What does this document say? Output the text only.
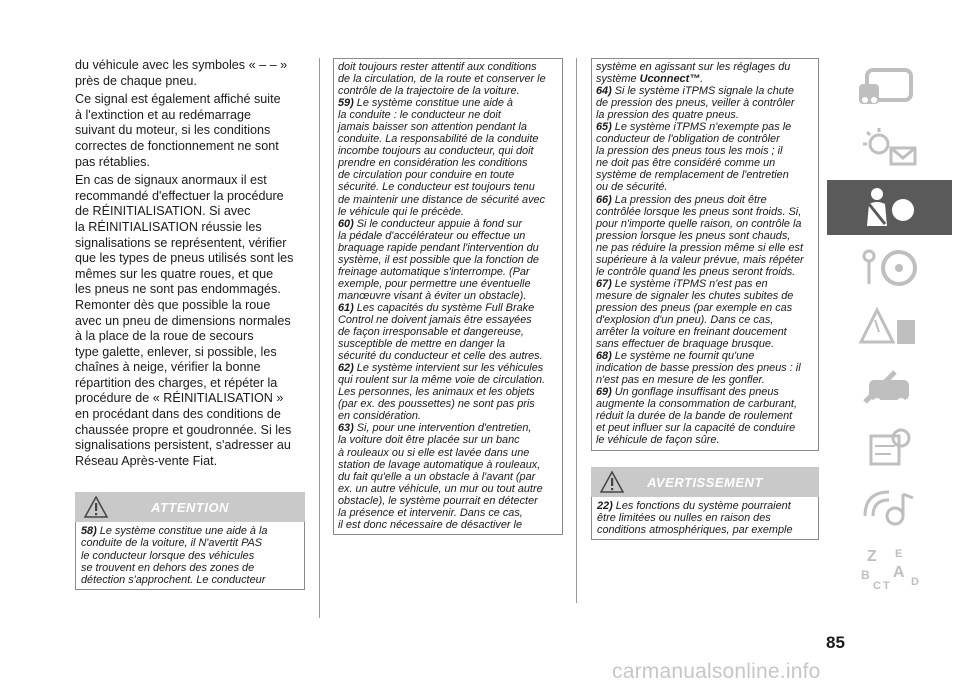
du véhicule avec les symboles « – – »
près de chaque pneu.
Ce signal est également affiché suite
à l'extinction et au redémarrage
suivant du moteur, si les conditions
correctes de fonctionnement ne sont
pas rétablies.
En cas de signaux anormaux il est
recommandé d'effectuer la procédure
de RÉINITIALISATION. Si avec
la RÉINITIALISATION réussie les
signalisations se représentent, vérifier
que les types de pneus utilisés sont les
mêmes sur les quatre roues, et que
les pneus ne sont pas endommagés.
Remonter dès que possible la roue
avec un pneu de dimensions normales
à la place de la roue de secours
type galette, enlever, si possible, les
chaînes à neige, vérifier la bonne
répartition des charges, et répéter la
procédure de « RÉINITIALISATION »
en procédant dans des conditions de
chaussée propre et goudronnée. Si les
signalisations persistent, s'adresser au
Réseau Après-vente Fiat.
ATTENTION
58) Le système constitue une aide à la
conduite de la voiture, il N'avertit PAS
le conducteur lorsque des véhicules
se trouvent en dehors des zones de
détection s'approchent. Le conducteur
doit toujours rester attentif aux conditions
de la circulation, de la route et conserver le
contrôle de la trajectoire de la voiture.
59) Le système constitue une aide à
la conduite : le conducteur ne doit
jamais baisser son attention pendant la
conduite. La responsabilité de la conduite
incombe toujours au conducteur, qui doit
prendre en considération les conditions
de circulation pour conduire en toute
sécurité. Le conducteur est toujours tenu
de maintenir une distance de sécurité avec
le véhicule qui le précède.
60) Si le conducteur appuie à fond sur
la pédale d'accélérateur ou effectue un
braquage rapide pendant l'intervention du
système, il est possible que la fonction de
freinage automatique s'interrompe. (Par
exemple, pour permettre une éventuelle
manœuvre visant à éviter un obstacle).
61) Les capacités du système Full Brake
Control ne doivent jamais être essayées
de façon irresponsable et dangereuse,
susceptible de mettre en danger la
sécurité du conducteur et celle des autres.
62) Le système intervient sur les véhicules
qui roulent sur la même voie de circulation.
Les personnes, les animaux et les objets
(par ex. des poussettes) ne sont pas pris
en considération.
63) Si, pour une intervention d'entretien,
la voiture doit être placée sur un banc
à rouleaux ou si elle est lavée dans une
station de lavage automatique à rouleaux,
du fait qu'elle a un obstacle à l'avant (par
ex. un autre véhicule, un mur ou tout autre
obstacle), le système pourrait en détecter
la présence et intervenir. Dans ce cas,
il est donc nécessaire de désactiver le
système en agissant sur les réglages du
système Uconnect™.
64) Si le système iTPMS signale la chute
de pression des pneus, veiller à contrôler
la pression des quatre pneus.
65) Le système iTPMS n'exempte pas le
conducteur de l'obligation de contrôler
la pression des pneus tous les mois ; il
ne doit pas être considéré comme un
système de remplacement de l'entretien
ou de sécurité.
66) La pression des pneus doit être
contrôlée lorsque les pneus sont froids. Si,
pour n'importe quelle raison, on contrôle la
pression lorsque les pneus sont chauds,
ne pas réduire la pression même si elle est
supérieure à la valeur prévue, mais répéter
le contrôle quand les pneus seront froids.
67) Le système iTPMS n'est pas en
mesure de signaler les chutes subites de
pression des pneus (par exemple en cas
d'explosion d'un pneu). Dans ce cas,
arrêter la voiture en freinant doucement
sans effectuer de braquage brusque.
68) Le système ne fournit qu'une
indication de basse pression des pneus : il
n'est pas en mesure de les gonfler.
69) Un gonflage insuffisant des pneus
augmente la consommation de carburant,
réduit la durée de la bande de roulement
et peut influer sur la capacité de conduire
le véhicule de façon sûre.
AVERTISSEMENT
22) Les fonctions du système pourraient
être limitées ou nulles en raison des
conditions atmosphériques, par exemple
Z E
B A
C T D
85
carmanualsonline.info
